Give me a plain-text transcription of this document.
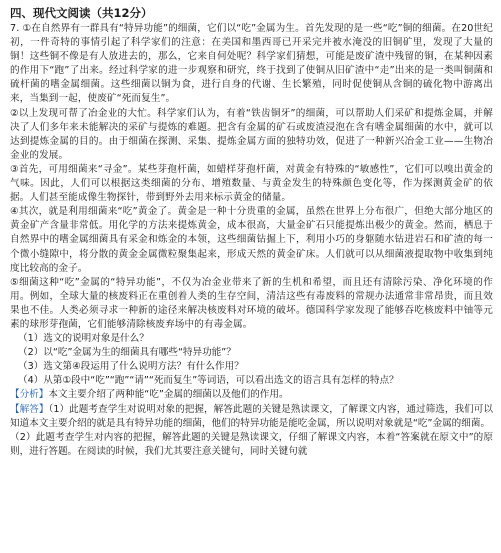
四、现代文阅读（共12分）

7. ①在自然界有一群具有“特异功能”的细菌，它们以“吃”金属为生。首先发现的是一些“吃”铜的细菌。在20世纪初，一件奇特的事情引起了科学家们的注意：在美国和墨西哥已开采完并被水淹没的旧铜矿里，发现了大量的铜！这些铜不像是有人放进去的，那么，它来自何处呢？科学家们猜想，可能是废矿渣中残留的铜，在某种因素的作用下“跑”了出来。经过科学家的进一步观察和研究，终于找到了使铜从旧矿渣中“走”出来的是一类叫铜菌和硫杆菌的嗜金属细菌。这些细菌以铜为食，进行自身的代谢、生长繁殖，同时促使铜从含铜的硫化物中游离出来，当集到一起，使废矿“死而复生”。

②以上发现可帮了冶金业的大忙。科学家们认为，有着“铁齿铜牙”的细菌，可以帮助人们采矿和提炼金属，并解决了人们多年来未能解决的采矿与提炼的难题。把含有金属的矿石或废渣浸泡在含有嗜金属细菌的水中，就可以达到提炼金属的目的。由于细菌在探测、采集、提炼金属方面的独特功效，促进了一种新兴冶金工业——生物冶金业的发展。

③首先，可用细菌来“寻金”。某些芽孢杆菌，如蜡样芽孢杆菌，对黄金有特殊的“敏感性”，它们可以嗅出黄金的气味。因此，人们可以根据这类细菌的分布、增殖数量、与黄金发生的特殊颜色变化等，作为探测黄金矿的依据。人们甚至能成像生物探针，带到野外去用来标示黄金的储量。

④其次，就是利用细菌来“吃”黄金了。黄金是一种十分贵重的金属，虽然在世界上分布很广，但绝大部分地区的黄金矿产含量非常低。用化学的方法来提炼黄金，成本很高，大量金矿石只能提炼出极少的黄金。然而，栖息于自然界中的嗜金属细菌具有采金和炼金的本领，这些细菌钻掘上下，利用小巧的身躯随水钻进岩石和矿渣的每一个微小缝隙中，将分散的黄金金属微粒聚集起来，形成天然的黄金矿床。人们就可以从细菌液提取物中收集到纯度比较高的金子。

⑤细菌这种“吃”金属的“特异功能”，不仅为冶金业带来了新的生机和希望，而且还有清除污染、净化环境的作用。例如，全球大量的核废料正在重创着人类的生存空间，清洁这些有毒废料的常规办法通常非常昂贵，而且效果也不佳。人类必须寻求一种新的途径来解决核废料对环境的破坏。德国科学家发现了能够吞吃核废料中铀等元素的球形芽孢菌，它们能够清除核废弃场中的有毒金属。

（1）选文的说明对象是什么？

（2）以“吃”金属为生的细菌具有哪些“特异功能”？

（3）选文第④段运用了什么说明方法？有什么作用？

（4）从第①段中“吃”“跑”“请”“死而复生”等词语，可以看出选文的语言具有怎样的特点？

【分析】本文主要介绍了两种能“吃”金属的细菌以及他们的作用。

【解答】（1）此题考查学生对说明对象的把握，解答此题的关键是熟读课文，了解课文内容，通过筛选，我们可以知道本文主要介绍的就是具有特异功能的细菌，他们的特异功能是能吃金属，所以说明对象就是“吃”金属的细菌。

（2）此题考查学生对内容的把握，解答此题的关键是熟读课文，仔细了解课文内容，本着“答案就在原文中”的原则，进行答题。在阅读的时候，我们尤其要注意关键句，同时关键句就
